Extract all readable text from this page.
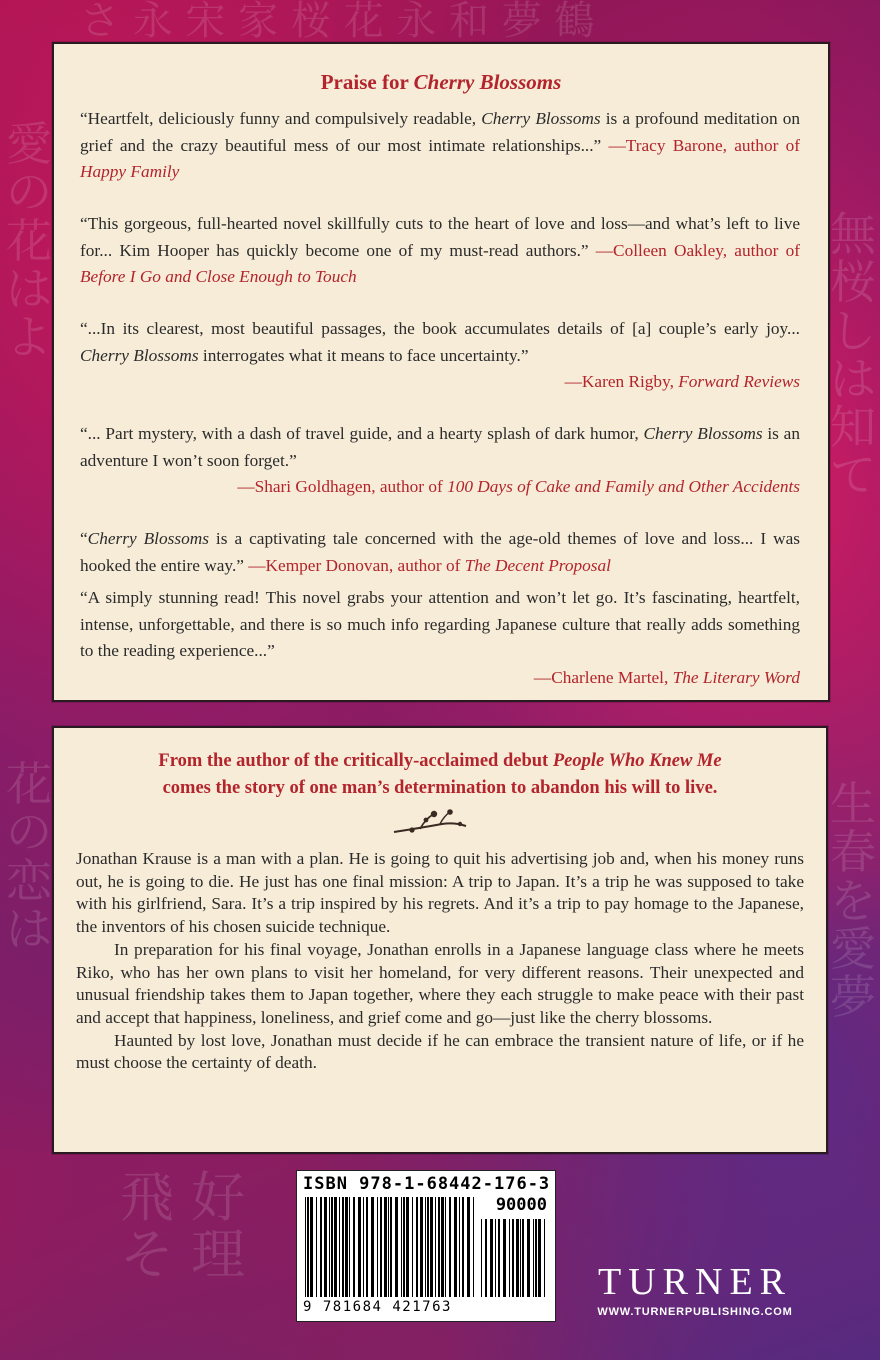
愛
の
花
は
よ
無
桜
し
は
知
て
花
の
恋
は
生
春
を
愛
夢
飛 好
そ 理
さ 永 宋 家 桜 花 永 和 夢 鶴
Praise for Cherry Blossoms
“Heartfelt, deliciously funny and compulsively readable, Cherry Blossoms is a profound meditation on grief and the crazy beautiful mess of our most intimate relationships...” —Tracy Barone, author of Happy Family
“This gorgeous, full-hearted novel skillfully cuts to the heart of love and loss—and what’s left to live for... Kim Hooper has quickly become one of my must-read authors.” —Colleen Oakley, author of Before I Go and Close Enough to Touch
“...In its clearest, most beautiful passages, the book accumulates details of [a] couple’s early joy... Cherry Blossoms interrogates what it means to face uncertainty.”
—Karen Rigby, Forward Reviews
“... Part mystery, with a dash of travel guide, and a hearty splash of dark humor, Cherry Blossoms is an adventure I won’t soon forget.”
—Shari Goldhagen, author of 100 Days of Cake and Family and Other Accidents
“Cherry Blossoms is a captivating tale concerned with the age-old themes of love and loss... I was hooked the entire way.” —Kemper Donovan, author of The Decent Proposal
“A simply stunning read! This novel grabs your attention and won’t let go. It’s fascinating, heartfelt, intense, unforgettable, and there is so much info regarding Japanese culture that really adds something to the reading experience...”
—Charlene Martel, The Literary Word
From the author of the critically-acclaimed debut People Who Knew Me
comes the story of one man’s determination to abandon his will to live.

Jonathan Krause is a man with a plan. He is going to quit his advertising job and, when his money runs out, he is going to die. He just has one final mission: A trip to Japan. It’s a trip he was supposed to take with his girlfriend, Sara. It’s a trip inspired by his regrets. And it’s a trip to pay homage to the Japanese, the inventors of his chosen suicide technique.

In preparation for his final voyage, Jonathan enrolls in a Japanese language class where he meets Riko, who has her own plans to visit her homeland, for very different reasons. Their unexpected and unusual friendship takes them to Japan together, where they each struggle to make peace with their past and accept that happiness, loneliness, and grief come and go—just like the cherry blossoms.

Haunted by lost love, Jonathan must decide if he can embrace the transient nature of life, or if he must choose the certainty of death.

ISBN 978-1-68442-176-3
90000
9 781684 421763
TURNER
WWW.TURNERPUBLISHING.COM
